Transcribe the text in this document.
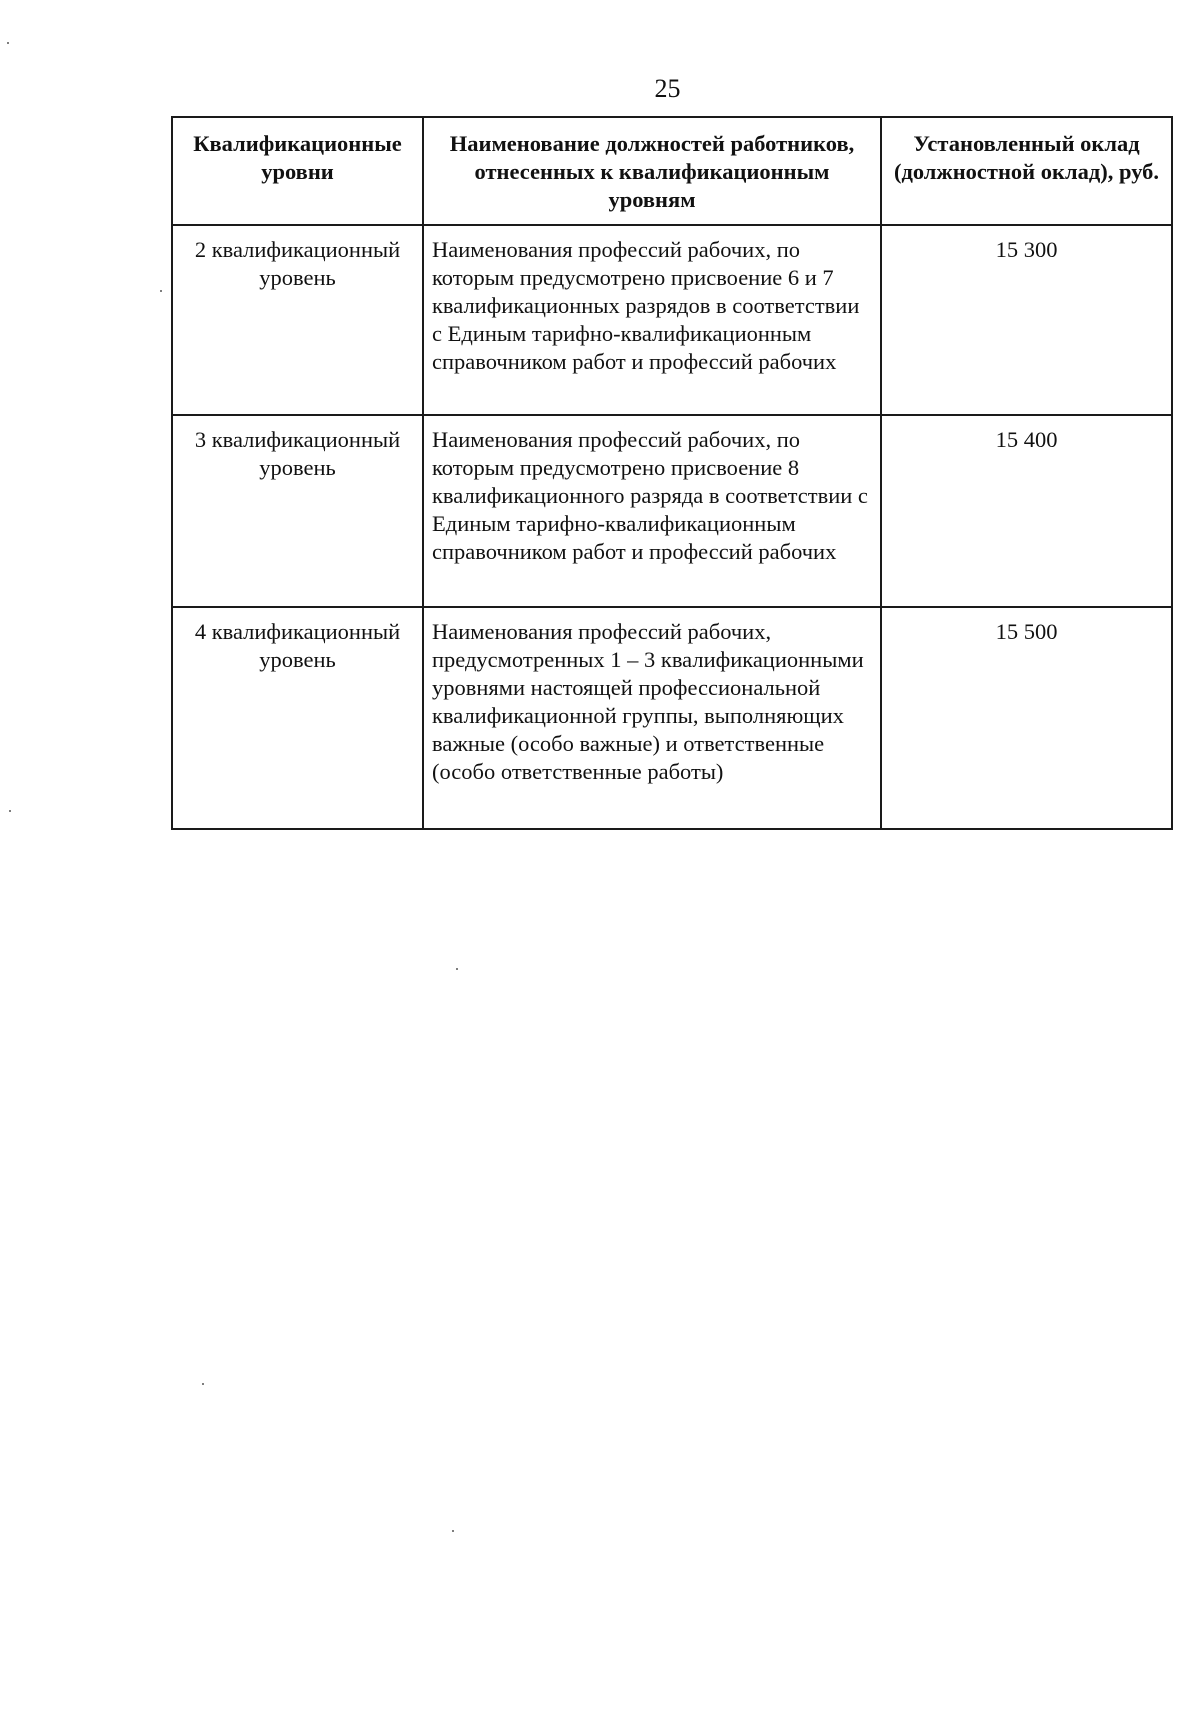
25
Квалификационные уровни	Наименование должностей работников, отнесенных к квалификационным уровням	Установленный оклад (должностной оклад), руб.
2 квалификационный уровень	Наименования профессий рабочих, по которым предусмотрено присвоение 6 и 7 квалификационных разрядов в соответствии с Единым тарифно-квалификационным справочником работ и профессий рабочих	15 300
3 квалификационный уровень	Наименования профессий рабочих, по которым предусмотрено присвоение 8 квалификационного разряда в соответствии с Единым тарифно-квалификационным справочником работ и профессий рабочих	15 400
4 квалификационный уровень	Наименования профессий рабочих, предусмотренных 1 – 3 квалификационными уровнями настоящей профессиональной квалификационной группы, выполняющих важные (особо важные) и ответственные (особо ответственные работы)	15 500
